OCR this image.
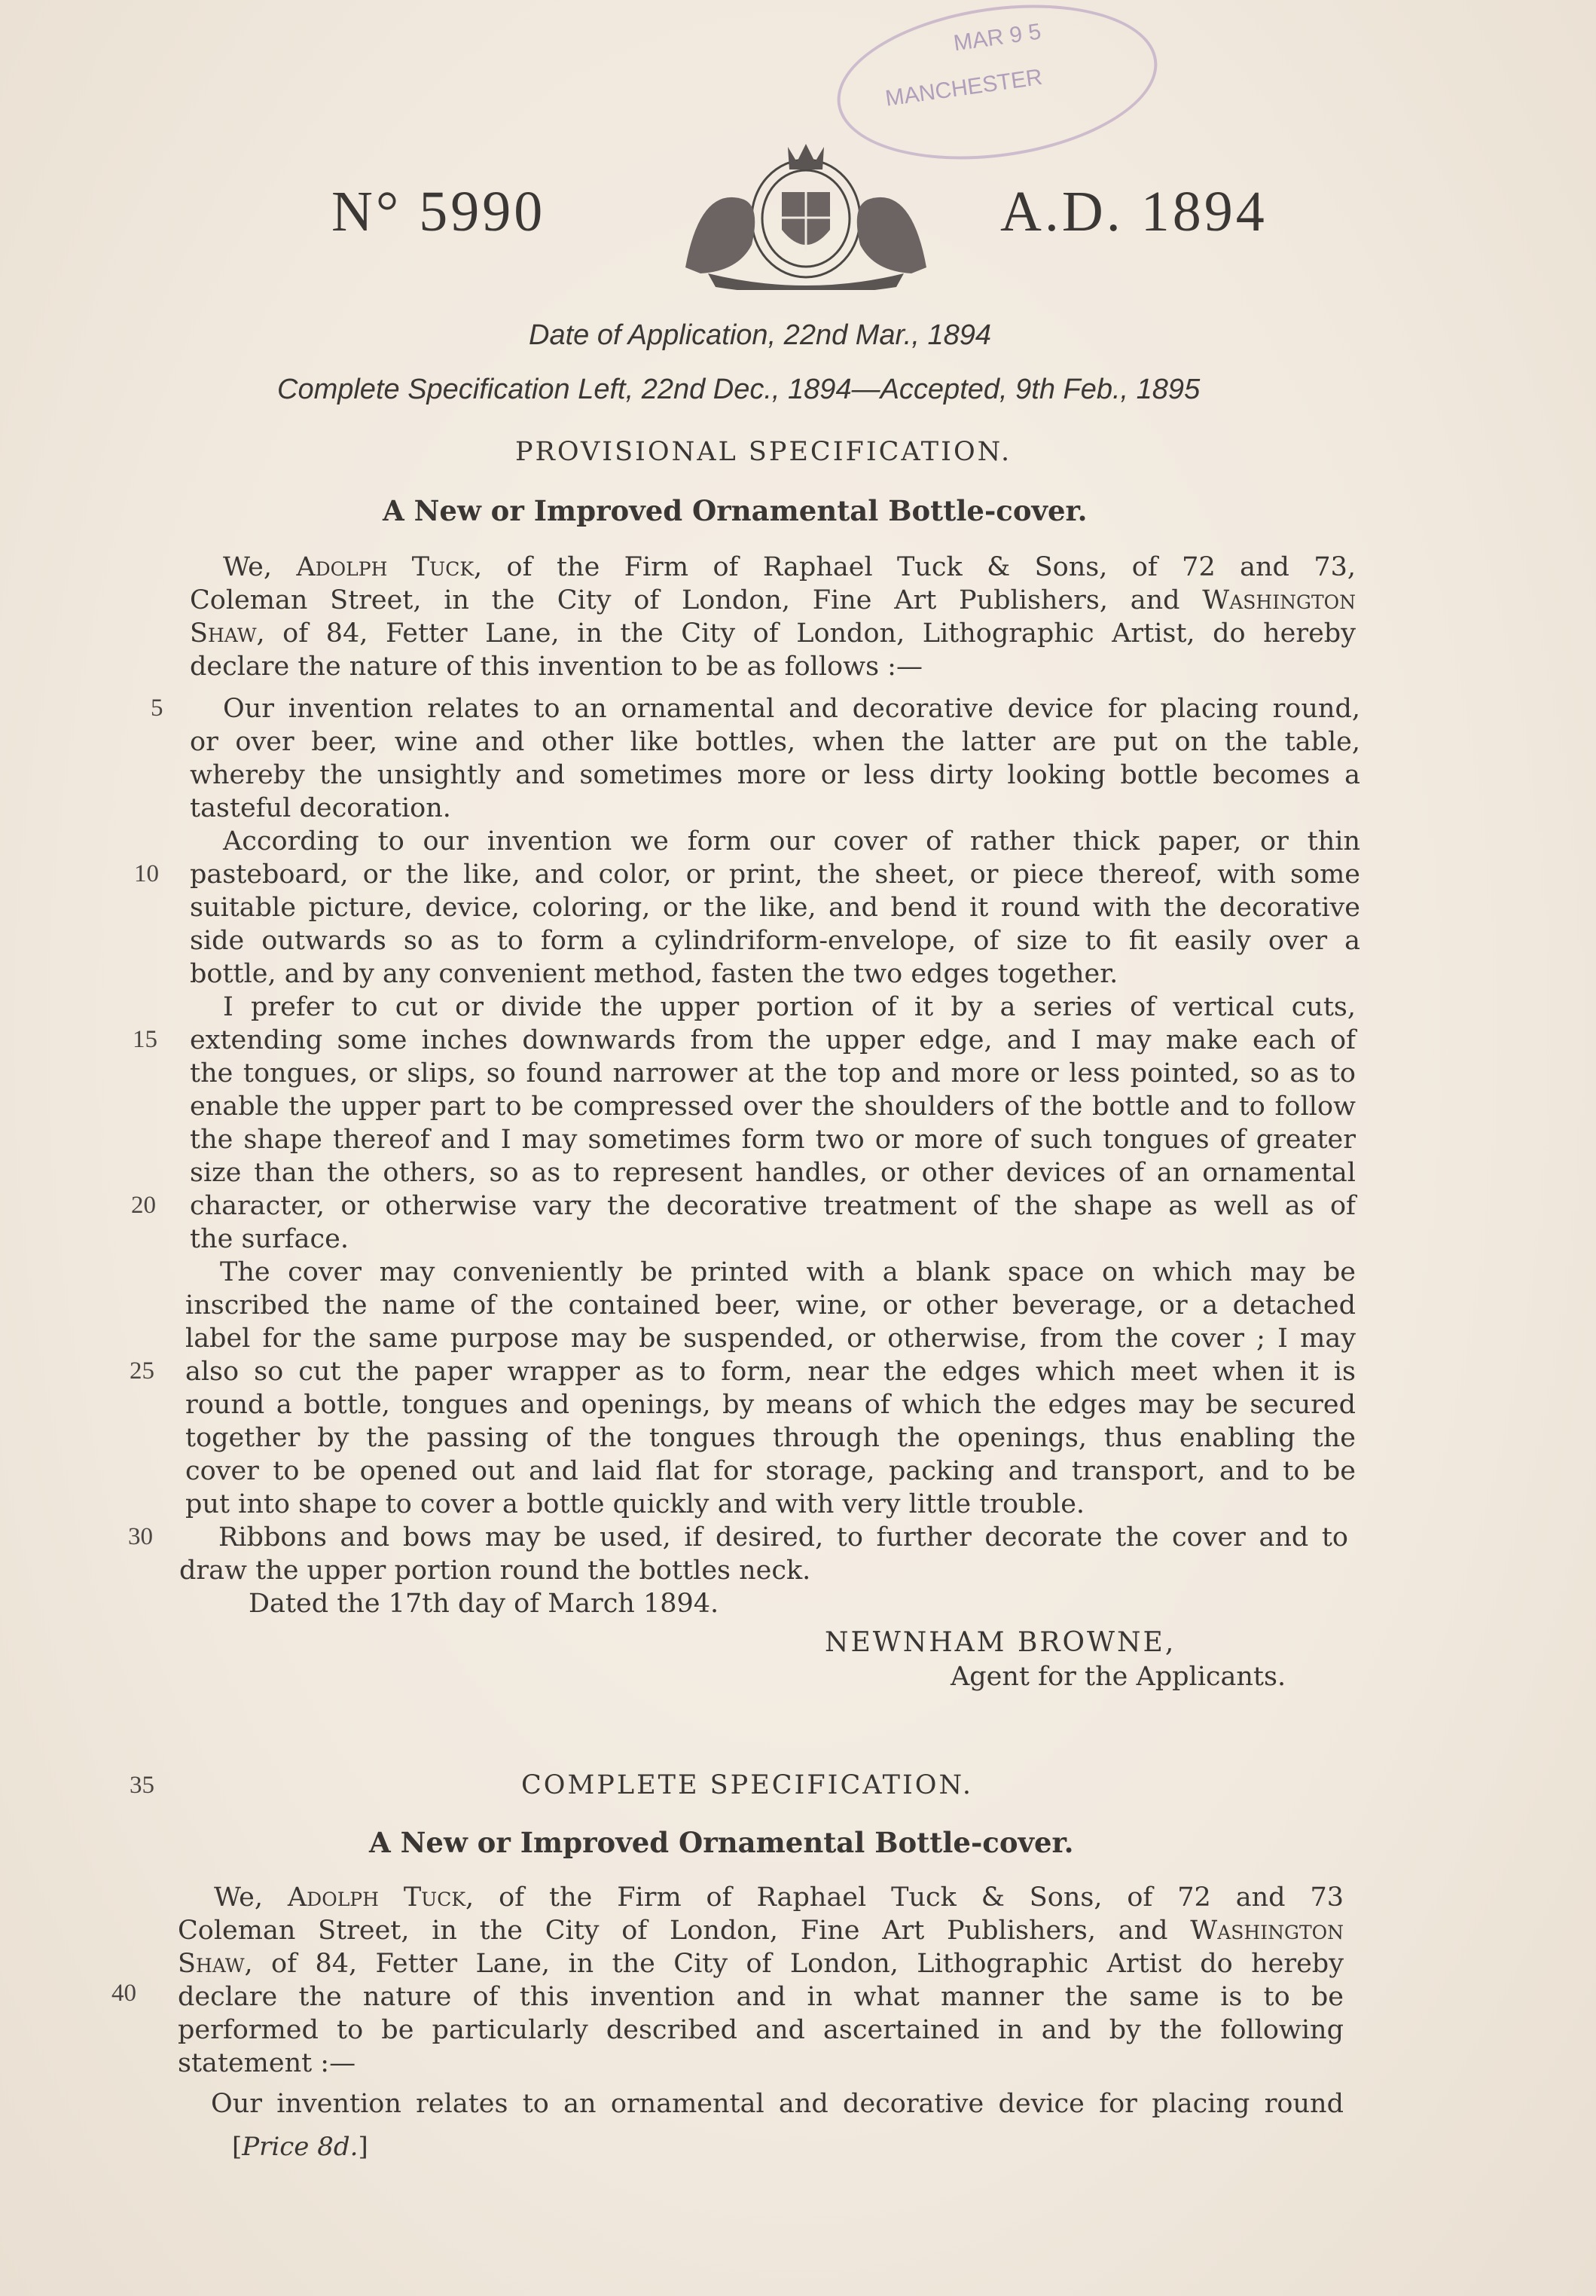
MAR 9 5
MANCHESTER
N° 5990	A.D. 1894
Date of Application, 22nd Mar., 1894
Complete Specification Left, 22nd Dec., 1894—Accepted, 9th Feb., 1895
PROVISIONAL SPECIFICATION.
A New or Improved Ornamental Bottle-cover.
We, Adolph Tuck, of the Firm of Raphael Tuck & Sons, of 72 and 73,
Coleman Street, in the City of London, Fine Art Publishers, and Washington
Shaw, of 84, Fetter Lane, in the City of London, Lithographic Artist, do hereby
declare the nature of this invention to be as follows :—
Our invention relates to an ornamental and decorative device for placing round,
or over beer, wine and other like bottles, when the latter are put on the table,
whereby the unsightly and sometimes more or less dirty looking bottle becomes a
tasteful decoration.
According to our invention we form our cover of rather thick paper, or thin
pasteboard, or the like, and color, or print, the sheet, or piece thereof, with some
suitable picture, device, coloring, or the like, and bend it round with the decorative
side outwards so as to form a cylindriform-envelope, of size to fit easily over a
bottle, and by any convenient method, fasten the two edges together.
I prefer to cut or divide the upper portion of it by a series of vertical cuts,
extending some inches downwards from the upper edge, and I may make each of
the tongues, or slips, so found narrower at the top and more or less pointed, so as to
enable the upper part to be compressed over the shoulders of the bottle and to follow
the shape thereof and I may sometimes form two or more of such tongues of greater
size than the others, so as to represent handles, or other devices of an ornamental
character, or otherwise vary the decorative treatment of the shape as well as of
the surface.
The cover may conveniently be printed with a blank space on which may be
inscribed the name of the contained beer, wine, or other beverage, or a detached
label for the same purpose may be suspended, or otherwise, from the cover ; I may
also so cut the paper wrapper as to form, near the edges which meet when it is
round a bottle, tongues and openings, by means of which the edges may be secured
together by the passing of the tongues through the openings, thus enabling the
cover to be opened out and laid flat for storage, packing and transport, and to be
put into shape to cover a bottle quickly and with very little trouble.
Ribbons and bows may be used, if desired, to further decorate the cover and to
draw the upper portion round the bottles neck.
Dated the 17th day of March 1894.
NEWNHAM BROWNE,
Agent for the Applicants.
5
10
15
20
25
30
35
40
COMPLETE SPECIFICATION.
A New or Improved Ornamental Bottle-cover.
We, Adolph Tuck, of the Firm of Raphael Tuck & Sons, of 72 and 73
Coleman Street, in the City of London, Fine Art Publishers, and Washington
Shaw, of 84, Fetter Lane, in the City of London, Lithographic Artist do hereby
declare the nature of this invention and in what manner the same is to be
performed to be particularly described and ascertained in and by the following
statement :—
Our invention relates to an ornamental and decorative device for placing round
[Price 8d.]
